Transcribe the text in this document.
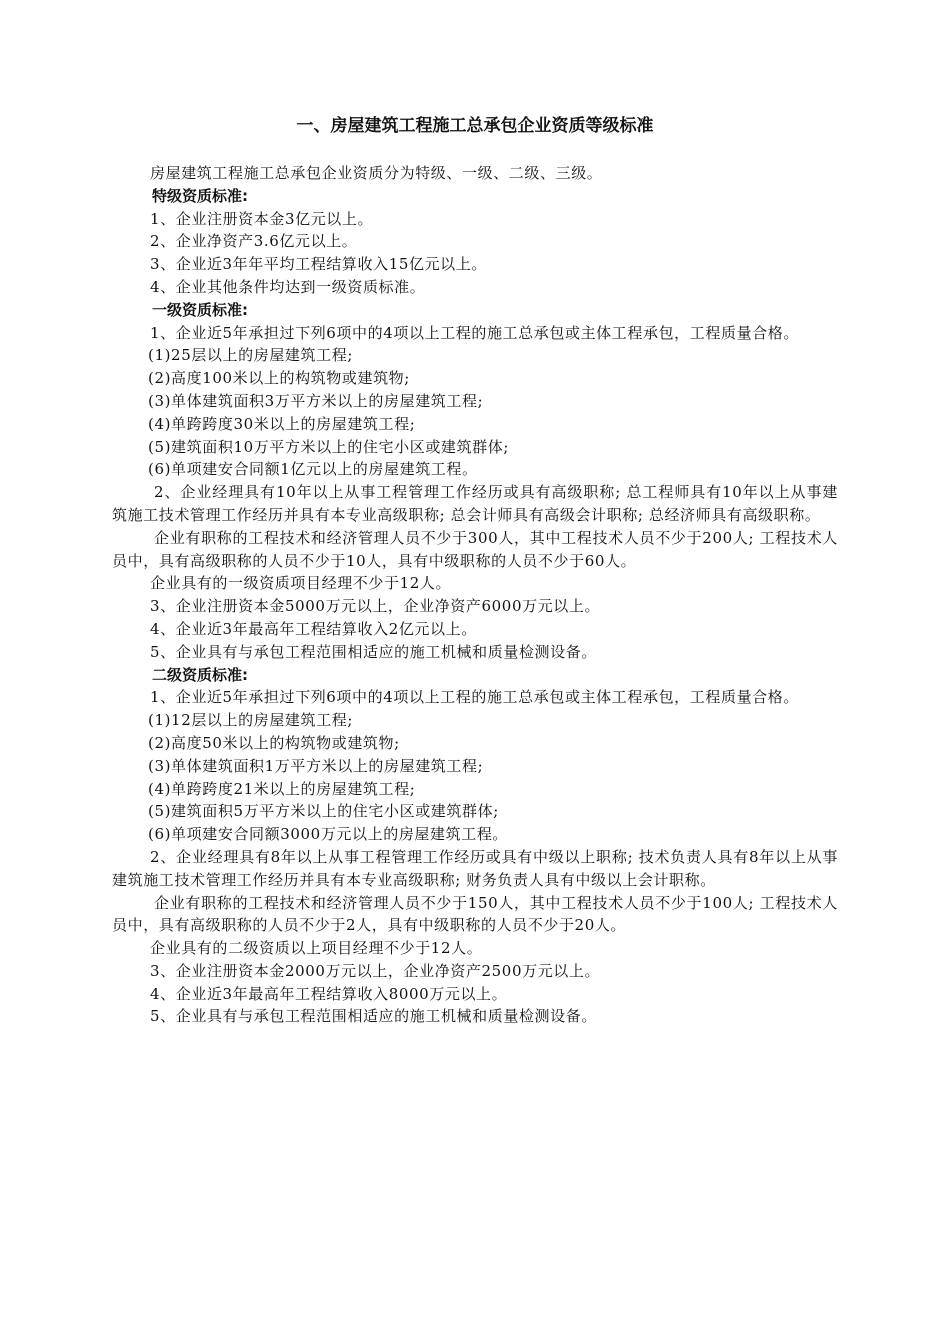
一、房屋建筑工程施工总承包企业资质等级标准

房屋建筑工程施工总承包企业资质分为特级、一级、二级、三级。

特级资质标准:

1、企业注册资本金3亿元以上。

2、企业净资产3.6亿元以上。

3、企业近3年年平均工程结算收入15亿元以上。

4、企业其他条件均达到一级资质标准。

一级资质标准:

1、企业近5年承担过下列6项中的4项以上工程的施工总承包或主体工程承包，工程质量合格。

(1)25层以上的房屋建筑工程;

(2)高度100米以上的构筑物或建筑物;

(3)单体建筑面积3万平方米以上的房屋建筑工程;

(4)单跨跨度30米以上的房屋建筑工程;

(5)建筑面积10万平方米以上的住宅小区或建筑群体;

(6)单项建安合同额1亿元以上的房屋建筑工程。

2、企业经理具有10年以上从事工程管理工作经历或具有高级职称; 总工程师具有10年以上从事建筑施工技术管理工作经历并具有本专业高级职称; 总会计师具有高级会计职称; 总经济师具有高级职称。

企业有职称的工程技术和经济管理人员不少于300人，其中工程技术人员不少于200人; 工程技术人员中，具有高级职称的人员不少于10人，具有中级职称的人员不少于60人。

企业具有的一级资质项目经理不少于12人。

3、企业注册资本金5000万元以上，企业净资产6000万元以上。

4、企业近3年最高年工程结算收入2亿元以上。

5、企业具有与承包工程范围相适应的施工机械和质量检测设备。

二级资质标准:

1、企业近5年承担过下列6项中的4项以上工程的施工总承包或主体工程承包，工程质量合格。

(1)12层以上的房屋建筑工程;

(2)高度50米以上的构筑物或建筑物;

(3)单体建筑面积1万平方米以上的房屋建筑工程;

(4)单跨跨度21米以上的房屋建筑工程;

(5)建筑面积5万平方米以上的住宅小区或建筑群体;

(6)单项建安合同额3000万元以上的房屋建筑工程。

2、企业经理具有8年以上从事工程管理工作经历或具有中级以上职称; 技术负责人具有8年以上从事建筑施工技术管理工作经历并具有本专业高级职称; 财务负责人具有中级以上会计职称。

企业有职称的工程技术和经济管理人员不少于150人，其中工程技术人员不少于100人; 工程技术人员中，具有高级职称的人员不少于2人，具有中级职称的人员不少于20人。

企业具有的二级资质以上项目经理不少于12人。

3、企业注册资本金2000万元以上，企业净资产2500万元以上。

4、企业近3年最高年工程结算收入8000万元以上。

5、企业具有与承包工程范围相适应的施工机械和质量检测设备。
